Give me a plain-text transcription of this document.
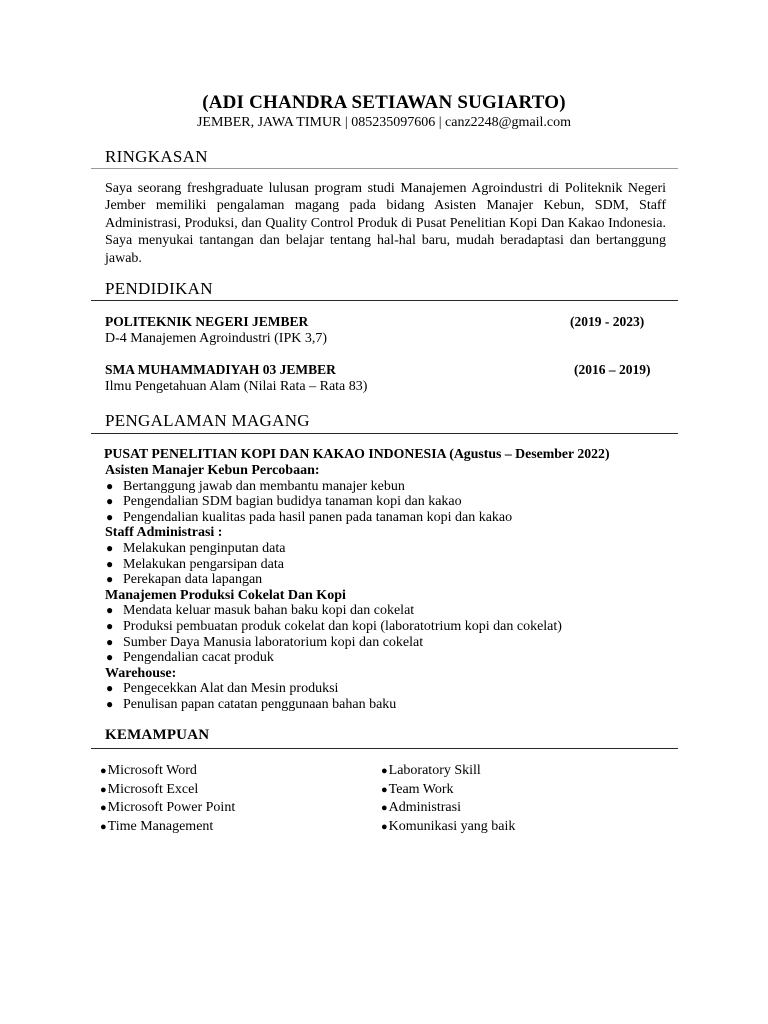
(ADI CHANDRA SETIAWAN SUGIARTO)
JEMBER, JAWA TIMUR | 085235097606 | canz2248@gmail.com
RINGKASAN
Saya seorang freshgraduate lulusan program studi Manajemen Agroindustri di Politeknik Negeri Jember memiliki pengalaman magang pada bidang Asisten Manajer Kebun, SDM, Staff Administrasi, Produksi, dan Quality Control Produk di Pusat Penelitian Kopi Dan Kakao Indonesia. Saya menyukai tantangan dan belajar tentang hal-hal baru, mudah beradaptasi dan bertanggung jawab.
PENDIDIKAN
POLITEKNIK NEGERI JEMBER	(2019 - 2023)
D-4 Manajemen Agroindustri (IPK 3,7)
SMA MUHAMMADIYAH 03 JEMBER	(2016 – 2019)
Ilmu Pengetahuan Alam (Nilai Rata – Rata 83)
PENGALAMAN MAGANG
PUSAT PENELITIAN KOPI DAN KAKAO INDONESIA (Agustus – Desember 2022)
Asisten Manajer Kebun Percobaan:
● Bertanggung jawab dan membantu manajer kebun
● Pengendalian SDM bagian budidya tanaman kopi dan kakao
● Pengendalian kualitas pada hasil panen pada tanaman kopi dan kakao
Staff Administrasi :
● Melakukan penginputan data
● Melakukan pengarsipan data
● Perekapan data lapangan
Manajemen Produksi Cokelat Dan Kopi
● Mendata keluar masuk bahan baku kopi dan cokelat
● Produksi pembuatan produk cokelat dan kopi (laboratotrium kopi dan cokelat)
● Sumber Daya Manusia laboratorium kopi dan cokelat
● Pengendalian cacat produk
Warehouse:
● Pengecekkan Alat dan Mesin produksi
● Penulisan papan catatan penggunaan bahan baku
KEMAMPUAN
●Microsoft Word
●Microsoft Excel
●Microsoft Power Point
●Time Management
●Laboratory Skill
●Team Work
●Administrasi
●Komunikasi yang baik
